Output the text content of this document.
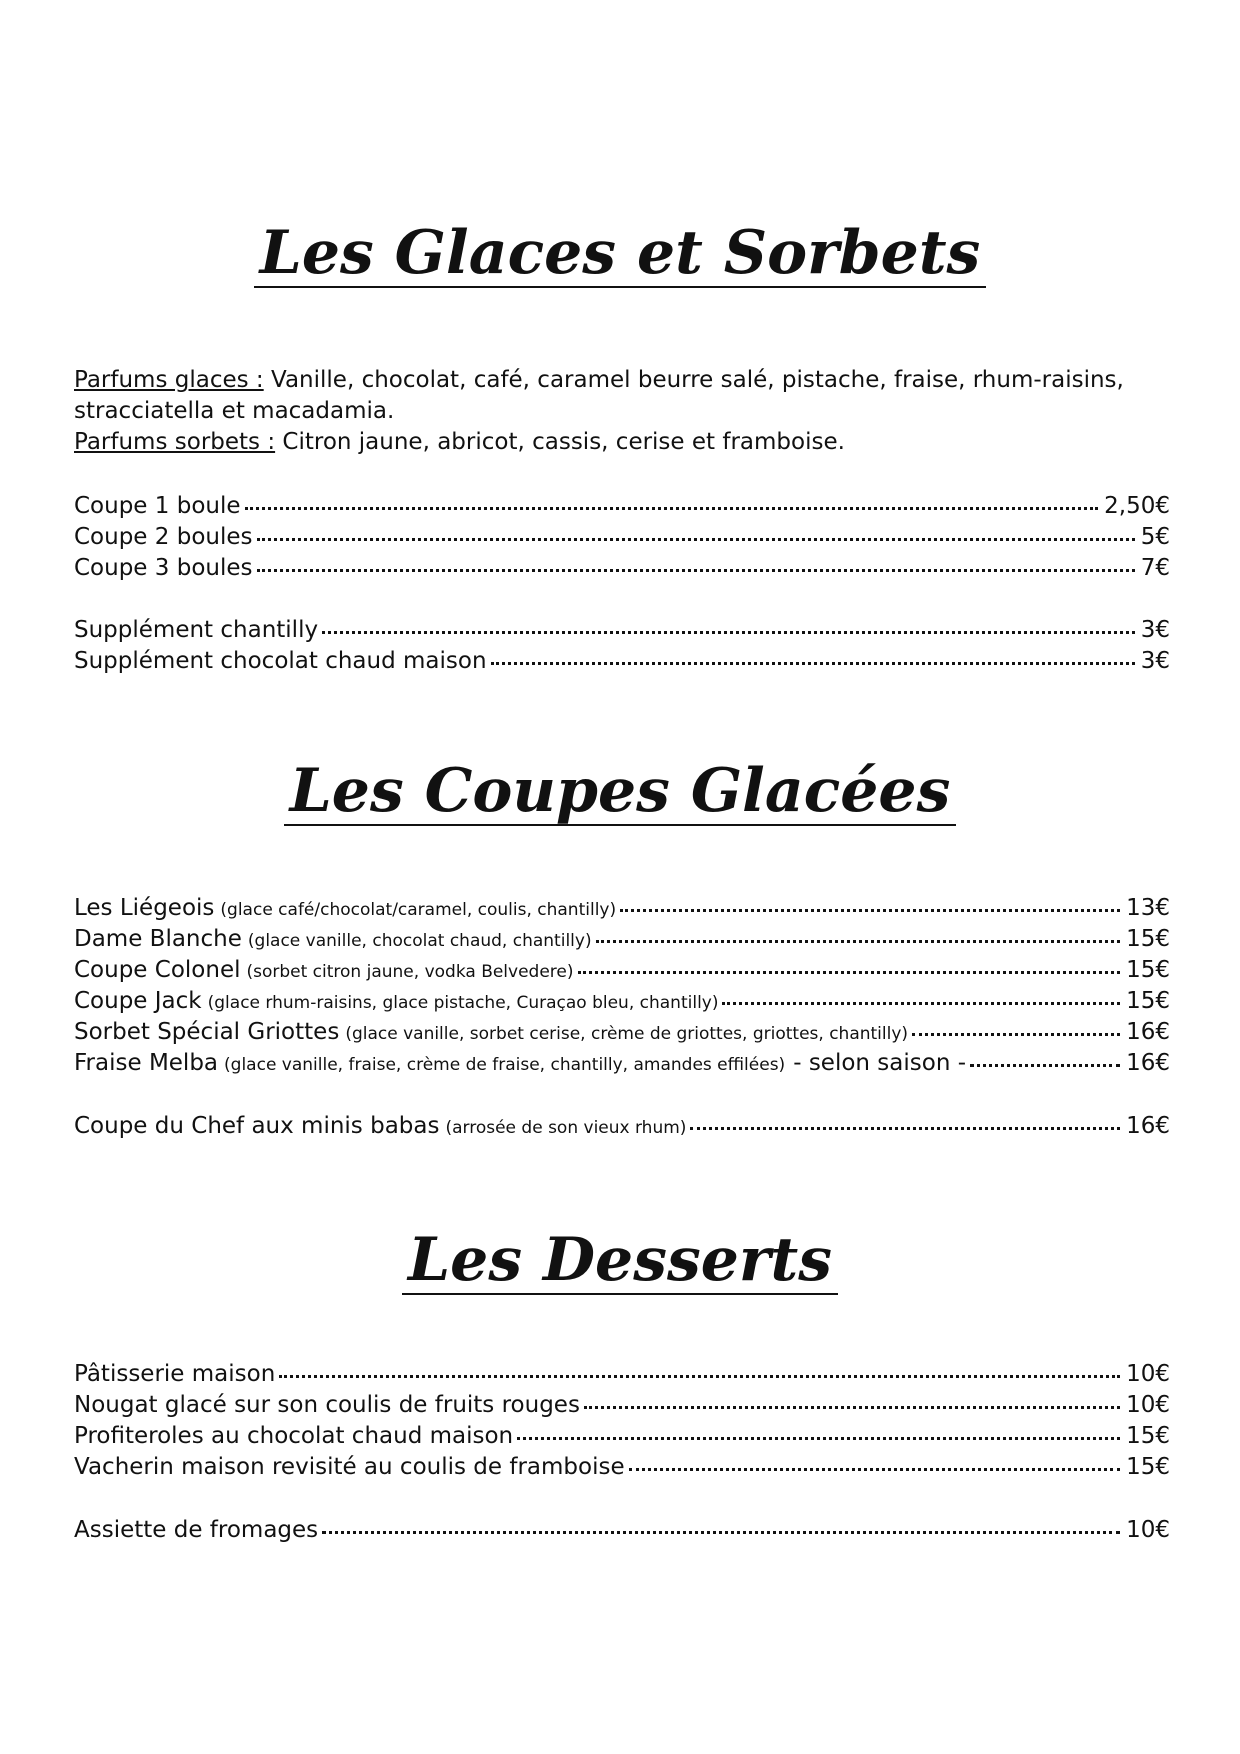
Les Glaces et Sorbets

Parfums glaces : Vanille, chocolat, café, caramel beurre salé, pistache, fraise, rhum-raisins, stracciatella et macadamia.

Parfums sorbets : Citron jaune, abricot, cassis, cerise et framboise.

Coupe 1 boule	2,50€
Coupe 2 boules	5€
Coupe 3 boules	7€
Supplément chantilly	3€
Supplément chocolat chaud maison	3€
Les Coupes Glacées
Les Liégeois (glace café/chocolat/caramel, coulis, chantilly)	13€
Dame Blanche (glace vanille, chocolat chaud, chantilly)	15€
Coupe Colonel (sorbet citron jaune, vodka Belvedere)	15€
Coupe Jack (glace rhum-raisins, glace pistache, Curaçao bleu, chantilly)	15€
Sorbet Spécial Griottes (glace vanille, sorbet cerise, crème de griottes, griottes, chantilly)	16€
Fraise Melba (glace vanille, fraise, crème de fraise, chantilly, amandes effilées) - selon saison -	16€
Coupe du Chef aux minis babas (arrosée de son vieux rhum)	16€
Les Desserts
Pâtisserie maison	10€
Nougat glacé sur son coulis de fruits rouges	10€
Profiteroles au chocolat chaud maison	15€
Vacherin maison revisité au coulis de framboise	15€
Assiette de fromages	10€
